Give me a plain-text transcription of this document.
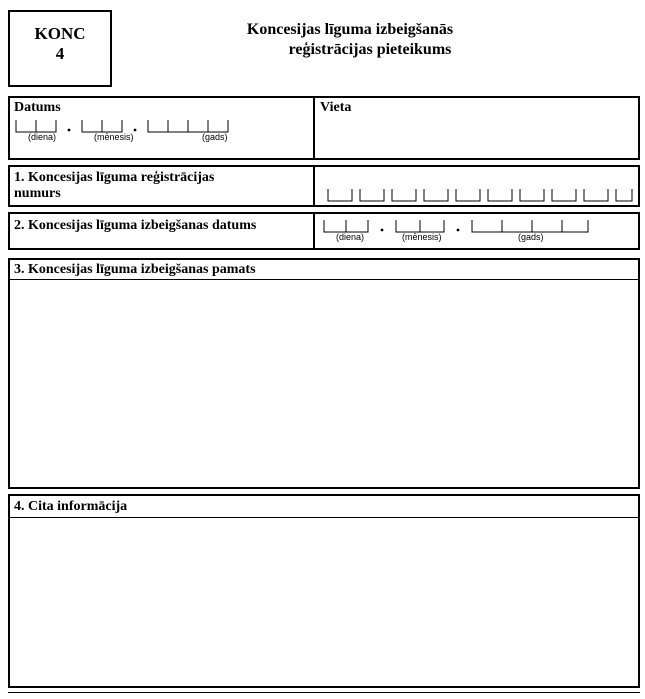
KONC
4
Koncesijas līguma izbeigšanās
reģistrācijas pieteikums
Datums	Vieta
(diena)	(mēnesis)	(gads)
1. Koncesijas līguma reģistrācijas
numurs
2. Koncesijas līguma izbeigšanas datums
(diena)	(mēnesis)	(gads)
3. Koncesijas līguma izbeigšanas pamats
4. Cita informācija
